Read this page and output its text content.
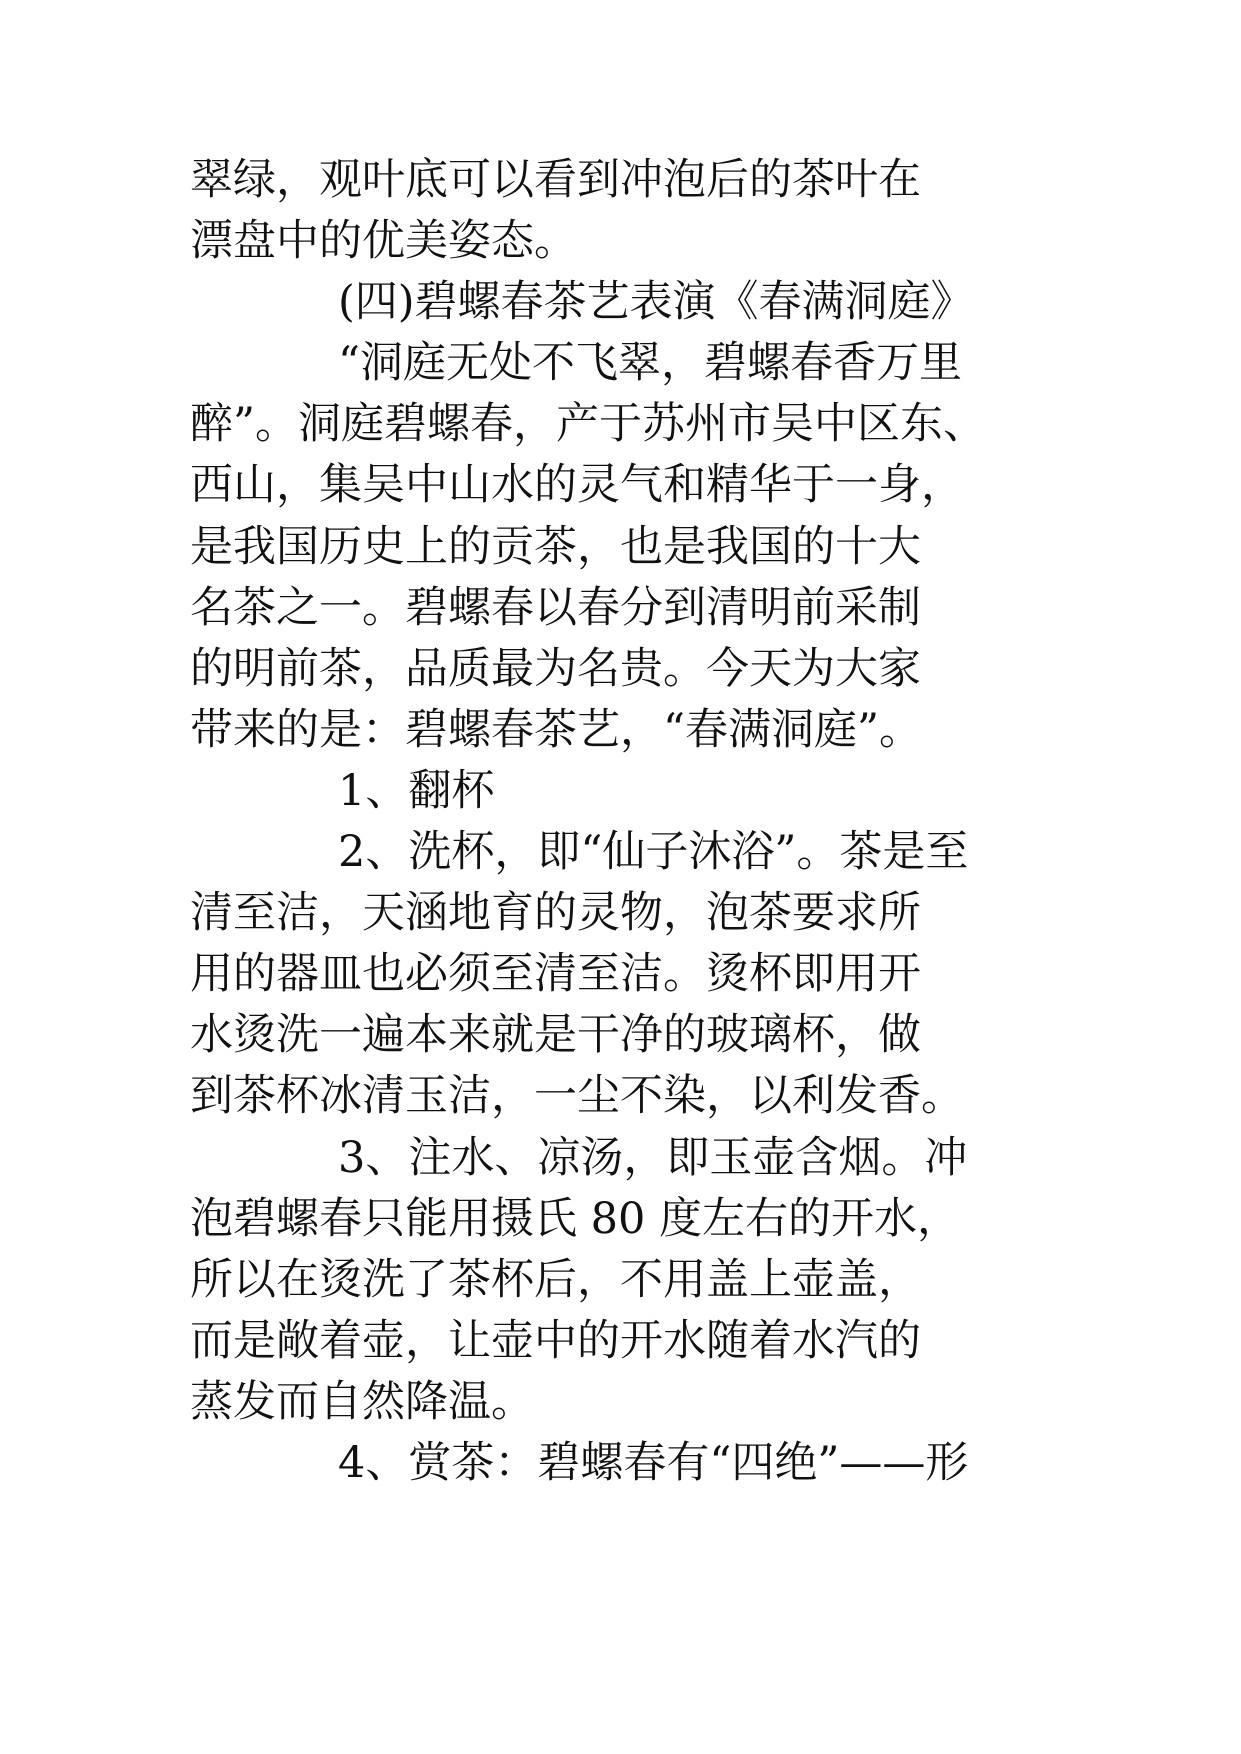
翠绿，观叶底可以看到冲泡后的茶叶在
漂盘中的优美姿态。
(四)碧螺春茶艺表演《春满洞庭》
“洞庭无处不飞翠，碧螺春香万里
醉”。洞庭碧螺春，产于苏州市吴中区东、
西山，集吴中山水的灵气和精华于一身，
是我国历史上的贡茶，也是我国的十大
名茶之一。碧螺春以春分到清明前采制
的明前茶，品质最为名贵。今天为大家
带来的是：碧螺春茶艺，“春满洞庭”。
1、翻杯
2、洗杯，即“仙子沐浴”。茶是至
清至洁，天涵地育的灵物，泡茶要求所
用的器皿也必须至清至洁。烫杯即用开
水烫洗一遍本来就是干净的玻璃杯，做
到茶杯冰清玉洁，一尘不染，以利发香。
3、注水、凉汤，即玉壶含烟。冲
泡碧螺春只能用摄氏 80 度左右的开水，
所以在烫洗了茶杯后，不用盖上壶盖，
而是敞着壶，让壶中的开水随着水汽的
蒸发而自然降温。
4、赏茶：碧螺春有“四绝”——形
